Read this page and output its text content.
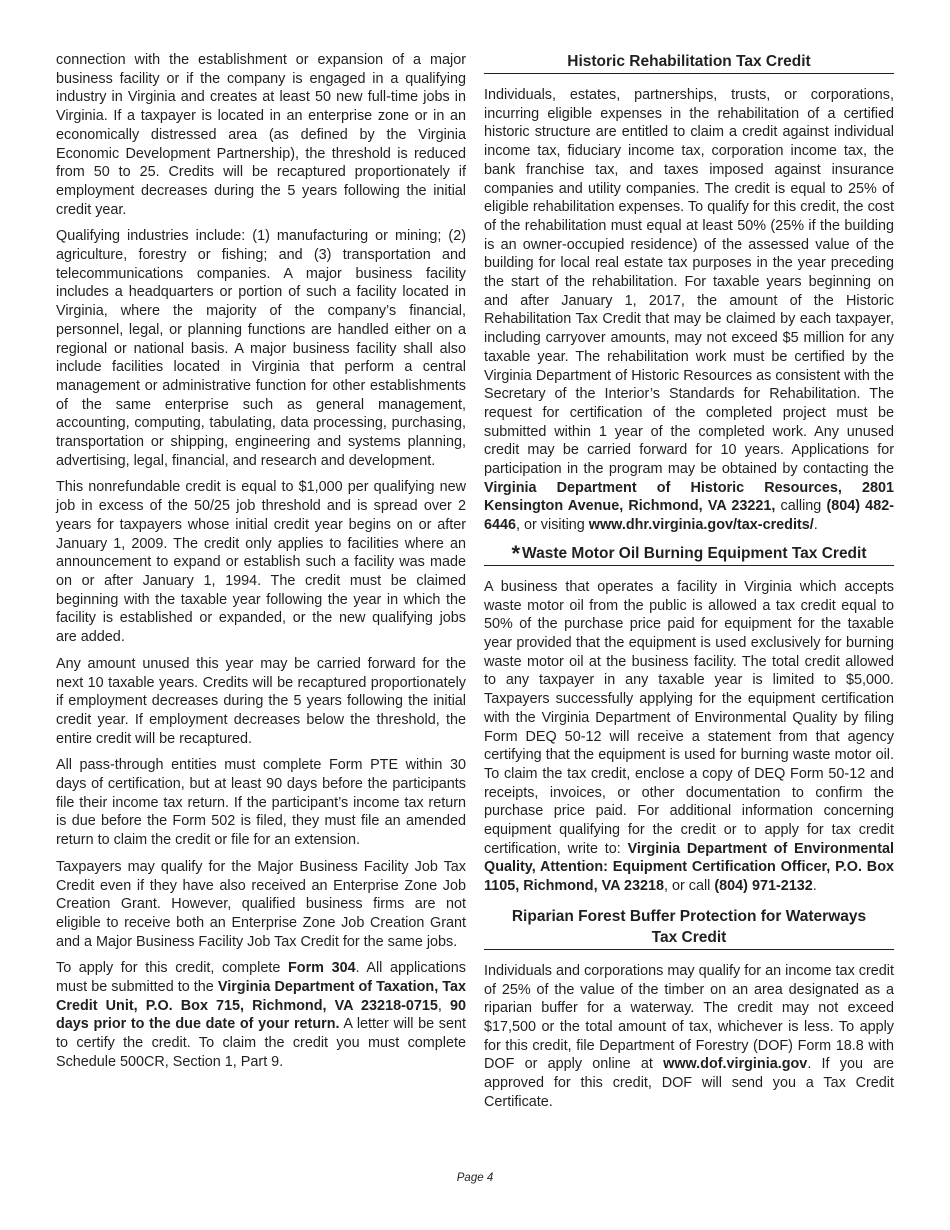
connection with the establishment or expansion of a major business facility or if the company is engaged in a qualifying industry in Virginia and creates at least 50 new full-time jobs in Virginia. If a taxpayer is located in an enterprise zone or in an economically distressed area (as defined by the Virginia Economic Development Partnership), the threshold is reduced from 50 to 25. Credits will be recaptured proportionately if employment decreases during the 5 years following the initial credit year.

Qualifying industries include: (1) manufacturing or mining; (2) agriculture, forestry or fishing; and (3) transportation and telecommunications companies. A major business facility includes a headquarters or portion of such a facility located in Virginia, where the majority of the company’s financial, personnel, legal, or planning functions are handled either on a regional or national basis. A major business facility shall also include facilities located in Virginia that perform a central management or administrative function for other establishments of the same enterprise such as general management, accounting, computing, tabulating, data processing, purchasing, transportation or shipping, engineering and systems planning, advertising, legal, financial, and research and development.

This nonrefundable credit is equal to $1,000 per qualifying new job in excess of the 50/25 job threshold and is spread over 2 years for taxpayers whose initial credit year begins on or after January 1, 2009. The credit only applies to facilities where an announcement to expand or establish such a facility was made on or after January 1, 1994. The credit must be claimed beginning with the taxable year following the year in which the facility is established or expanded, or the new qualifying jobs are added.

Any amount unused this year may be carried forward for the next 10 taxable years. Credits will be recaptured proportionately if employment decreases during the 5 years following the initial credit year. If employment decreases below the threshold, the entire credit will be recaptured.

All pass-through entities must complete Form PTE within 30 days of certification, but at least 90 days before the participants file their income tax return. If the participant’s income tax return is due before the Form 502 is filed, they must file an amended return to claim the credit or file for an extension.

Taxpayers may qualify for the Major Business Facility Job Tax Credit even if they have also received an Enterprise Zone Job Creation Grant. However, qualified business firms are not eligible to receive both an Enterprise Zone Job Creation Grant and a Major Business Facility Job Tax Credit for the same jobs.

To apply for this credit, complete Form 304. All applications must be submitted to the Virginia Department of Taxation, Tax Credit Unit, P.O. Box 715, Richmond, VA 23218-0715, 90 days prior to the due date of your return. A letter will be sent to certify the credit. To claim the credit you must complete Schedule 500CR, Section 1, Part 9.

Historic Rehabilitation Tax Credit

Individuals, estates, partnerships, trusts, or corporations, incurring eligible expenses in the rehabilitation of a certified historic structure are entitled to claim a credit against individual income tax, fiduciary income tax, corporation income tax, the bank franchise tax, and taxes imposed against insurance companies and utility companies. The credit is equal to 25% of eligible rehabilitation expenses. To qualify for this credit, the cost of the rehabilitation must equal at least 50% (25% if the building is an owner-occupied residence) of the assessed value of the building for local real estate tax purposes in the year preceding the start of the rehabilitation. For taxable years beginning on and after January 1, 2017, the amount of the Historic Rehabilitation Tax Credit that may be claimed by each taxpayer, including carryover amounts, may not exceed $5 million for any taxable year. The rehabilitation work must be certified by the Virginia Department of Historic Resources as consistent with the Secretary of the Interior’s Standards for Rehabilitation. The request for certification of the completed project must be submitted within 1 year of the completed work. Any unused credit may be carried forward for 10 years. Applications for participation in the program may be obtained by contacting the Virginia Department of Historic Resources, 2801 Kensington Avenue, Richmond, VA 23221, calling (804) 482-6446, or visiting www.dhr.virginia.gov/tax-credits/.

* Waste Motor Oil Burning Equipment Tax Credit

A business that operates a facility in Virginia which accepts waste motor oil from the public is allowed a tax credit equal to 50% of the purchase price paid for equipment for the taxable year provided that the equipment is used exclusively for burning waste motor oil at the business facility. The total credit allowed to any taxpayer in any taxable year is limited to $5,000. Taxpayers successfully applying for the equipment certification with the Virginia Department of Environmental Quality by filing Form DEQ 50-12 will receive a statement from that agency certifying that the equipment is used for burning waste motor oil. To claim the tax credit, enclose a copy of DEQ Form 50-12 and receipts, invoices, or other documentation to confirm the purchase price paid. For additional information concerning equipment qualifying for the credit or to apply for tax credit certification, write to: Virginia Department of Environmental Quality, Attention: Equipment Certification Officer, P.O. Box 1105, Richmond, VA 23218, or call (804) 971-2132.

Riparian Forest Buffer Protection for Waterways
Tax Credit

Individuals and corporations may qualify for an income tax credit of 25% of the value of the timber on an area designated as a riparian buffer for a waterway. The credit may not exceed $17,500 or the total amount of tax, whichever is less. To apply for this credit, file Department of Forestry (DOF) Form 18.8 with DOF or apply online at www.dof.virginia.gov. If you are approved for this credit, DOF will send you a Tax Credit Certificate.

Page 4
